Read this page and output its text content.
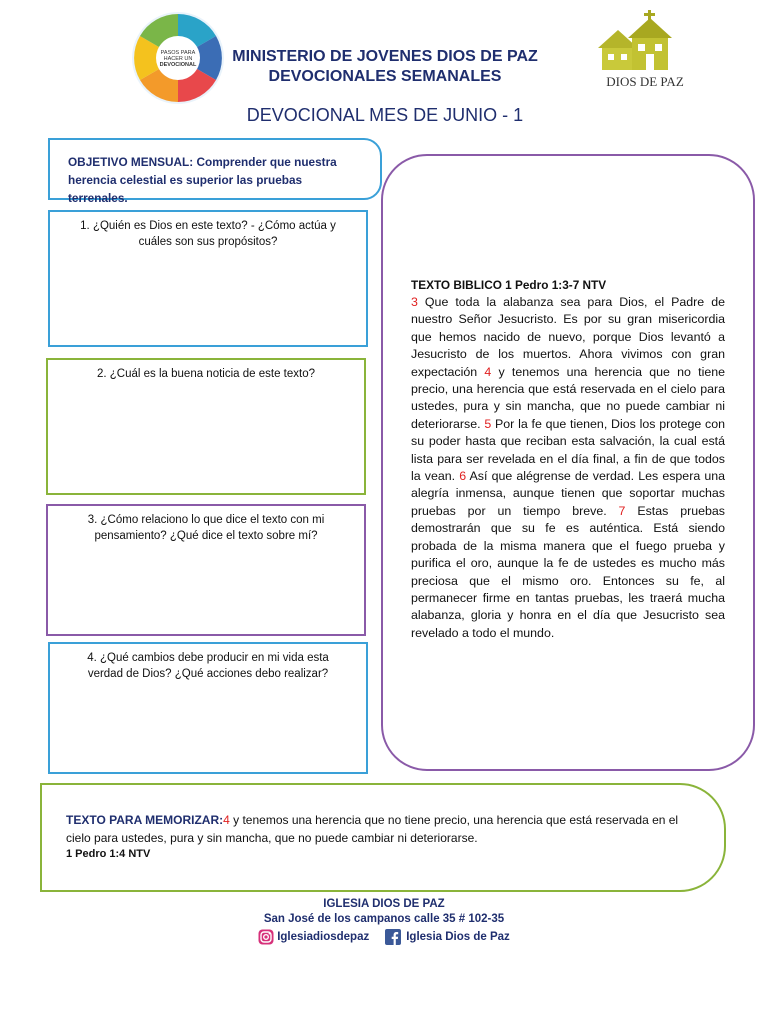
PASOS PARA
HACER UN
DEVOCIONAL	MINISTERIO DE JOVENES DIOS DE PAZ
DEVOCIONALES SEMANALES	DIOS DE PAZ
DEVOCIONAL MES DE JUNIO - 1
OBJETIVO MENSUAL: Comprender que nuestra herencia celestial es superior las pruebas terrenales.
1. ¿Quién es Dios en este texto? - ¿Cómo actúa y cuáles son sus propósitos?
2. ¿Cuál es la buena noticia de este texto?
3. ¿Cómo relaciono lo que dice el texto con mi pensamiento? ¿Qué dice el texto sobre mí?
4. ¿Qué cambios debe producir en mi vida esta verdad de Dios? ¿Qué acciones debo realizar?
TEXTO BIBLICO 1 Pedro 1:3-7 NTV
3 Que toda la alabanza sea para Dios, el Padre de nuestro Señor Jesucristo. Es por su gran misericordia que hemos nacido de nuevo, porque Dios levantó a Jesucristo de los muertos. Ahora vivimos con gran expectación 4 y tenemos una herencia que no tiene precio, una herencia que está reservada en el cielo para ustedes, pura y sin mancha, que no puede cambiar ni deteriorarse. 5 Por la fe que tienen, Dios los protege con su poder hasta que reciban esta salvación, la cual está lista para ser revelada en el día final, a fin de que todos la vean. 6 Así que alégrense de verdad. Les espera una alegría inmensa, aunque tienen que soportar muchas pruebas por un tiempo breve. 7 Estas pruebas demostrarán que su fe es auténtica. Está siendo probada de la misma manera que el fuego prueba y purifica el oro, aunque la fe de ustedes es mucho más preciosa que el mismo oro. Entonces su fe, al permanecer firme en tantas pruebas, les traerá mucha alabanza, gloria y honra en el día que Jesucristo sea revelado a todo el mundo.
TEXTO PARA MEMORIZAR:4 y tenemos una herencia que no tiene precio, una herencia que está reservada en el cielo para ustedes, pura y sin mancha, que no puede cambiar ni deteriorarse.
1 Pedro 1:4 NTV
IGLESIA DIOS DE PAZ
San José de los campanos calle 35 # 102-35
Iglesiadiosdepaz	Iglesia Dios de Paz
